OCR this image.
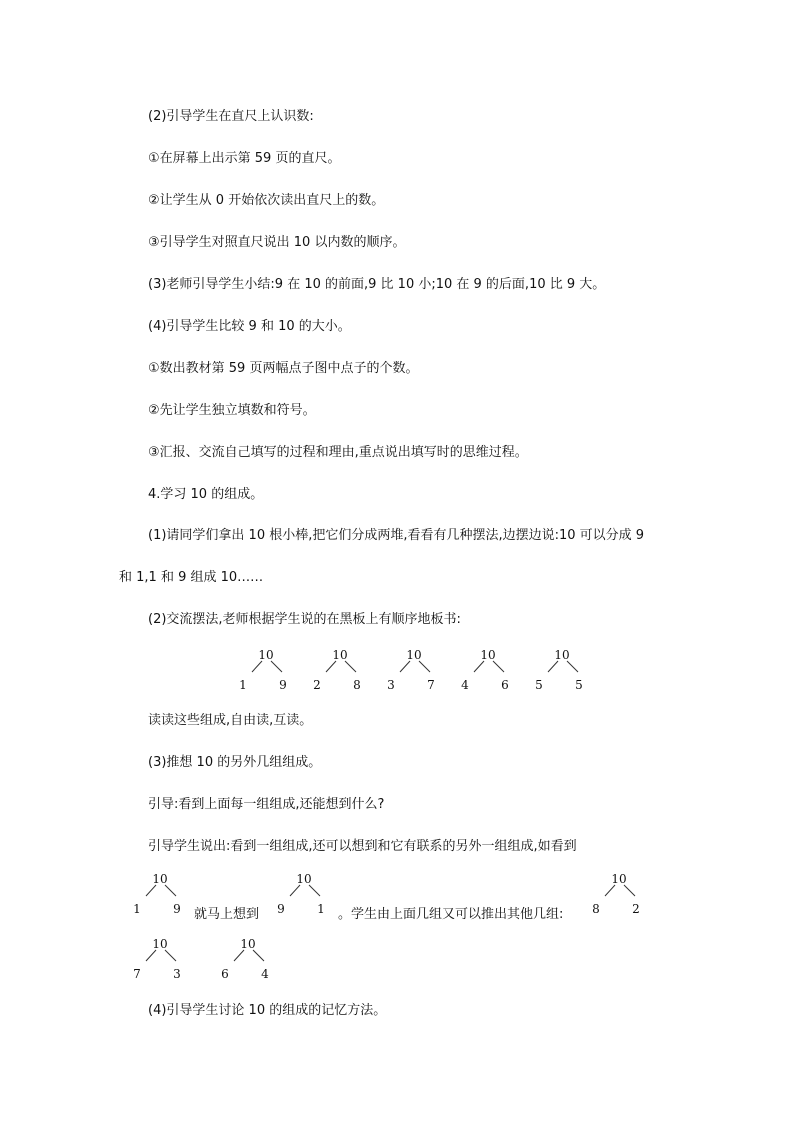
(2)引导学生在直尺上认识数:
①在屏幕上出示第 59 页的直尺。
②让学生从 0 开始依次读出直尺上的数。
③引导学生对照直尺说出 10 以内数的顺序。
(3)老师引导学生小结:9 在 10 的前面,9 比 10 小;10 在 9 的后面,10 比 9 大。
(4)引导学生比较 9 和 10 的大小。
①数出教材第 59 页两幅点子图中点子的个数。
②先让学生独立填数和符号。
③汇报、交流自己填写的过程和理由,重点说出填写时的思维过程。
4.学习 10 的组成。
(1)请同学们拿出 10 根小棒,把它们分成两堆,看看有几种摆法,边摆边说:10 可以分成 9
和 1,1 和 9 组成 10……
(2)交流摆法,老师根据学生说的在黑板上有顺序地板书:
10
1	9
10
2	8
10
3	7
10
4	6
10
5	5
读读这些组成,自由读,互读。
(3)推想 10 的另外几组组成。
引导:看到上面每一组组成,还能想到什么?
引导学生说出:看到一组组成,还可以想到和它有联系的另外一组组成,如看到
10
1	9 就马上想到
10
9	1 。学生由上面几组又可以推出其他几组:
10
8	2
10
7	3
10
6	4
(4)引导学生讨论 10 的组成的记忆方法。
